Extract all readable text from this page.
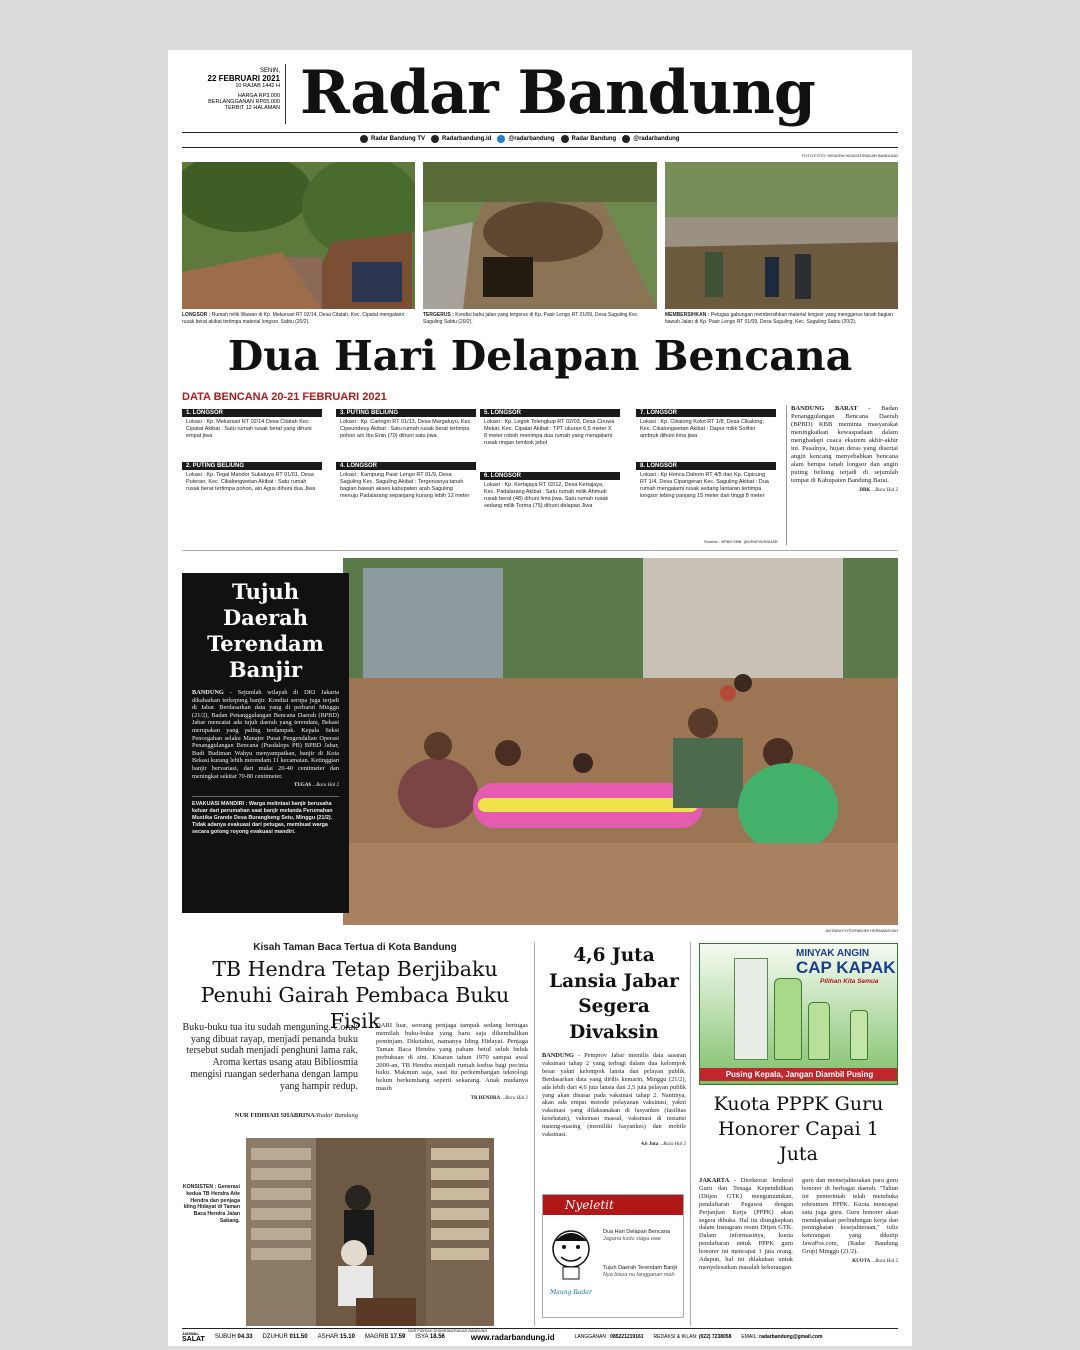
SENIN,
22 FEBRUARI 2021
10 RAJAB 1442 H
HARGA RP3.000
BERLANGGANAN RP65.000
TERBIT 12 HALAMAN Radar Bandung
Radar Bandung TV	Radarbandung.id	@radarbandung	Radar Bandung	@radarbandung
FOTO-FOTO: HENDRA HIDAYAT/RADAR BANDUNG
LONGSOR : Rumah milik Wawan di Kp. Mekarsari RT 02/14, Desa Citatah, Kec. Cipatat mengalami rusak berat akibat tertimpa material longsor, Sabtu (20/2).
TERGERUS : Kondisi bahu jalan yang tergerus di Kp. Pasir Lengo RT 01/09, Desa Saguling Kec. Saguling Sabtu (20/2).
MEMBERSIHKAN : Petugas gabungan membersihkan material longsor yang menggerus tanah bagian bawah Jalan di Kp. Pasir Lengo RT 01/09, Desa Saguling, Kec. Saguling Sabtu (20/2).
Dua Hari Delapan Bencana
DATA BENCANA 20-21 FEBRUARI 2021
1. LONGSOR
Lokasi : Kp. Mekarsari RT 02/14 Desa Citatah Kec. Cipatat Akibat : Satu rumah rusak berat yang dihuni empat jiwa
2. PUTING BELIUNG
Lokasi : Kp. Tegal Mandor Sukatuya RT 01/01, Desa Puteran, Kec. Cikalongwetan Akibat : Satu rumah rusak berat tertimpa pohon, ain Agus dihuni dua Jiwa
3. PUTING BELIUNG
Lokasi : Kp. Caringin RT 01/13, Desa Margaluyu, Kec. Cipeundeuy Akibat : Satu rumah rusak berat tertimpa pohon a/n Ibu Enin (70) dihuni satu jiwa
4. LONGSOR
Lokasi : Kampung Pasir Lengo RT 01/9, Desa Saguling Kec. Saguling Akibat : Tergerusnya tanah bagian bawah akses kabupaten arah Saguling menuju Padalarang sepanjang kurang lebih 12 meter
5. LONGSOR
Lokasi : Kp. Legok Tolengkup RT 02/03, Desa Ciruwa Mekar, Kec. Cipatat Akibat : TPT ukuran 6,5 meter X 8 meter roboh menimpa dua rumah yang mengalami rusak ringan tembok jebol
6. LONGSOR
Lokasi : Kp. Kertajaya RT 02/12, Desa Kertajaya, Kec. Padalarang Akibat : Satu rumah milik Ahmudi rusak berat (48) dihuni lima jiwa. Satu rumah rusak sedang milik Torma (75) dihuni delapan Jiwa
7. LONGSOR
Lokasi : Kp. Cikalong Kolot RT 1/8, Desa Cikalong, Kec. Cikalongwetan Akibat : Dapur milik Solihin ambruk dihuni lima jiwa
8. LONGSOR
Lokasi : Kp Honca Dahom RT 4/5 dan Kp. Cipicung RT 1/4, Desa Cipangeran Kec. Saguling Akibat : Dua rumah mengalami rusak sedang lantaran tertimpa longsor tebing panjang 15 meter dan tinggi 8 meter
Sumber : BPBD KBB @GRAFIS/RADAR
BANDUNG BARAT - Badan Penanggulangan Bencana Daerah (BPBD) KBB meminta masyarakat meningkatkan kewaspadaan dalam menghadapi cuaca ekstrem akhir-akhir ini. Pasalnya, hujan deras yang disertai angin kencang menyebabkan bencana alam berupa tanah longsor dan angin puting beliung terjadi di sejumlah tempat di Kabupaten Bandung Barat.
DBK ...Baca Hal 2
Tujuh Daerah Terendam Banjir
BANDUNG - Sejumlah wilayah di DKI Jakarta dikabarkan terkepung banjir. Kondisi serupa juga terjadi di Jabar. Berdasarkan data yang di perbarui Minggu (21/2), Badan Penanggulangan Bencana Daerah (BPBD) Jabar mencatat ada tujuh daerah yang terendam, Bekasi merupakan yang paling terdampak. Kepala Seksi Pencegahan selaku Manajer Pusat Pengendalian Operasi Penanggulangan Bencana (Pusdalops PB) BPBD Jabar, Budi Budiman Wahyu menyampaikan, banjir di Kota Bekasi kurang lebih merendam 11 kecamatan. Ketinggian banjir bervariasi, dari mulai 20-40 centimeter dan meningkat sekitar 70-80 centimeter.
TUGAS ...Baca Hal 2
EVAKUASI MANDIRI : Warga melintasi banjir berusaha keluar dari perumahan saat banjir melanda Perumahan Mustika Grande Desa Burangkeng Setu, Minggu (21/2). Tidak adanya evakuasi dari petugas, membuat warga secara gotong royong evakuasi mandiri.
ANTARA FOTO/FAKHRI HERMANSYAH
Kisah Taman Baca Tertua di Kota Bandung
TB Hendra Tetap Berjibaku Penuhi Gairah Pembaca Buku Fisik
Buku-buku tua itu sudah menguning. Corak yang dibuat rayap, menjadi penanda buku tersebut sudah menjadi penghuni lama rak. Aroma kertas usang atau Bibliosmia mengisi ruangan sederhana dengan lampu yang hampir redup.
NUR FIDHIAH SHABRINA/Radar Bandung
DARI luar, seorang penjaga tampak sedang bertugas memilah buku-buku yang baru saja dikembalikan peminjam. Diketahui, namanya Iding Hidayat. Penjaga Taman Baca Hendra yang paham betul seluk beluk perbukuan di sini. Kisaran tahun 1970 sampai awal 2000-an, TB Hendra menjadi rumah kedua bagi pecinta buku. Makmun saja, saat itu perkembangan teknologi belum berkembang seperti sekarang. Anak mudanya masih
TB HENDRA ...Baca Hal 2
KONSISTEN : Generasi kedua TB Hendra Atie Hendra dan penjaga Iding Hidayat di Taman Baca Hendra Jalan Sabang.
NUR FIDHIAH SHABRINA/RADAR BANDUNG
4,6 Juta Lansia Jabar Segera Divaksin
BANDUNG - Pemprov Jabar memilis data sasaran vaksinasi tahap 2 yang terbagi dalam dua kelompok besar yakni kelompok lansia dan pelayan publik. Berdasarkan data yang dirilis kemarin, Minggu (21/2), ada lebih dari 4,6 juta lansia dan 2,5 juta pelayan publik yang akan disasar pada vaksinasi tahap 2. Nantinya, akan ada empat metode pelayanan vaksinasi, yakni vaksinasi yang dilaksanakan di fasyankes (fasilitas kesehatan), vaksinasi massal, vaksinasi di instansi masing-masing (memiliki fasyankes) dan mobile vaksinasi.
4,6 Juta ...Baca Hal 2
Nyeletit
Maung Radar
Dua Hari Delapan Bencana
Jagana kudu siaga wae
Tujuh Daerah Terendam Banjir
Nya biasa nu langganan mah
MINYAK ANGIN
CAP KAPAK
Pilihan Kita Semua
Pusing Kepala, Jangan Diambil Pusing
Kuota PPPK Guru Honorer Capai 1 Juta
JAKARTA - Direktorat Jenderal Guru dan Tenaga Kependidikan (Ditjen GTK) mengumumkan, pendaftaran Pegawai dengan Perjanjian Kerja (PPPK) akan segera dibuka. Hal itu diungkapkan dalam Instagram resmi Ditjen GTK. Dalam informasinya, kuota pendaftaran untuk PPPK guru honorer ini mencapai 1 juta orang. Adapun, hal ini dilakukan untuk menyelesaikan masalah kekurangan
guru dan mensejahterakan para guru honorer di berbagai daerah. "Tahun ini pemerintah telah membuka rekrutmen PPPK. Kuota mencapai satu juga guru. Guru honorer akan mendapatkan perlindungan kerja dan peningkatan kesejahteraan," tulis keterangan yang dikutip JawaPos.com, (Radar Bandung Grup) Minggu (21/2).
KUOTA ...Baca Hal 2
JADWAL
SALAT SUBUH 04.33 DZUHUR 011.50 ASHAR 15.10 MAGRIB 17.59 ISYA 18.56	www.radarbandung.id	LANGGANAN : 085221219161 REDAKSI & IKLAN: (022) 7238058 EMAIL: radarbandung@gmail.com
